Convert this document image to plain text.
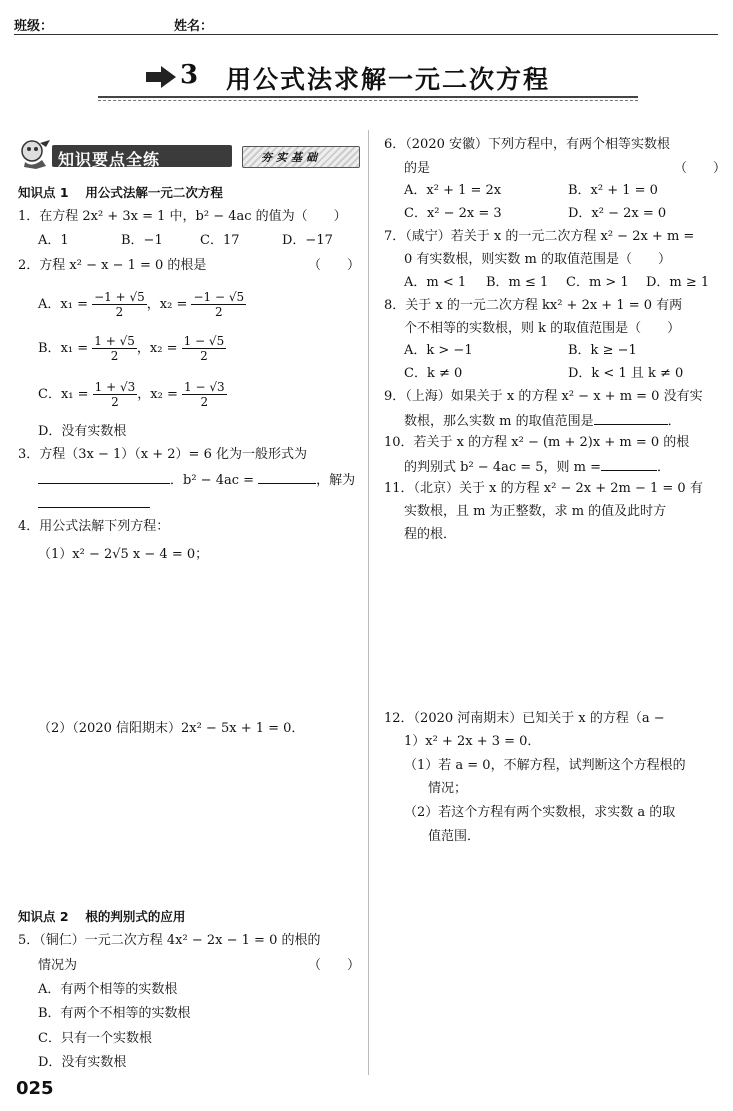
班级：	姓名：
3 用公式法求解一元二次方程
知识要点全练	夯实基础
知识点 1　 用公式法解一元二次方程
1．在方程 2x² + 3x = 1 中，b² − 4ac 的值为（　　）
A．1	B．−1	C．17	D．−17
2．方程 x² − x − 1 = 0 的根是	（　　）
A．$x_1 = \frac{-1 + √5}{2}$ ，$x_2 = \frac{-1 - √5}{2}$
B．$x_1 = \frac{1 + √5}{2}$ ，$x_2 = \frac{1 - √5}{2}$
C．$x_1 = \frac{1 + √3}{2}$ ，$x_2 = \frac{1 - √3}{2}$
D．没有实数根
3．方程（3x − 1）（x + 2）= 6 化为一般形式为
．b² − 4ac =	，解为
4．用公式法解下列方程：
（1）x² − 2√5 x − 4 = 0；
（2）（2020 信阳期末）2x² − 5x + 1 = 0．
知识点 2　 根的判别式的应用
5．（铜仁）一元二次方程 4x² − 2x − 1 = 0 的根的
情况为	（　　）
A．有两个相等的实数根
B．有两个不相等的实数根
C．只有一个实数根
D．没有实数根
6．（2020 安徽）下列方程中，有两个相等实数根
的是	（　　）
A．x² + 1 = 2x	B．x² + 1 = 0
C．x² − 2x = 3	D．x² − 2x = 0
7．（咸宁）若关于 x 的一元二次方程 x² − 2x + m =
0 有实数根，则实数 m 的取值范围是（　　）
A．m < 1 B．m ≤ 1 C．m > 1 D．m ≥ 1
8．关于 x 的一元二次方程 kx² + 2x + 1 = 0 有两
个不相等的实数根，则 k 的取值范围是（　　）
A．k > −1	B．k ≥ −1
C．k ≠ 0	D．k < 1 且 k ≠ 0
9．（上海）如果关于 x 的方程 x² − x + m = 0 没有实
数根，那么实数 m 的取值范围是	．
10．若关于 x 的方程 x² − (m + 2)x + m = 0 的根
的判别式 b² − 4ac = 5，则 m =	．
11．（北京）关于 x 的方程 x² − 2x + 2m − 1 = 0 有
实数根，且 m 为正整数，求 m 的值及此时方
程的根．
12．（2020 河南期末）已知关于 x 的方程（a −
1）x² + 2x + 3 = 0．
（1）若 a = 0，不解方程，试判断这个方程根的
情况；
（2）若这个方程有两个实数根，求实数 a 的取
值范围．
025
